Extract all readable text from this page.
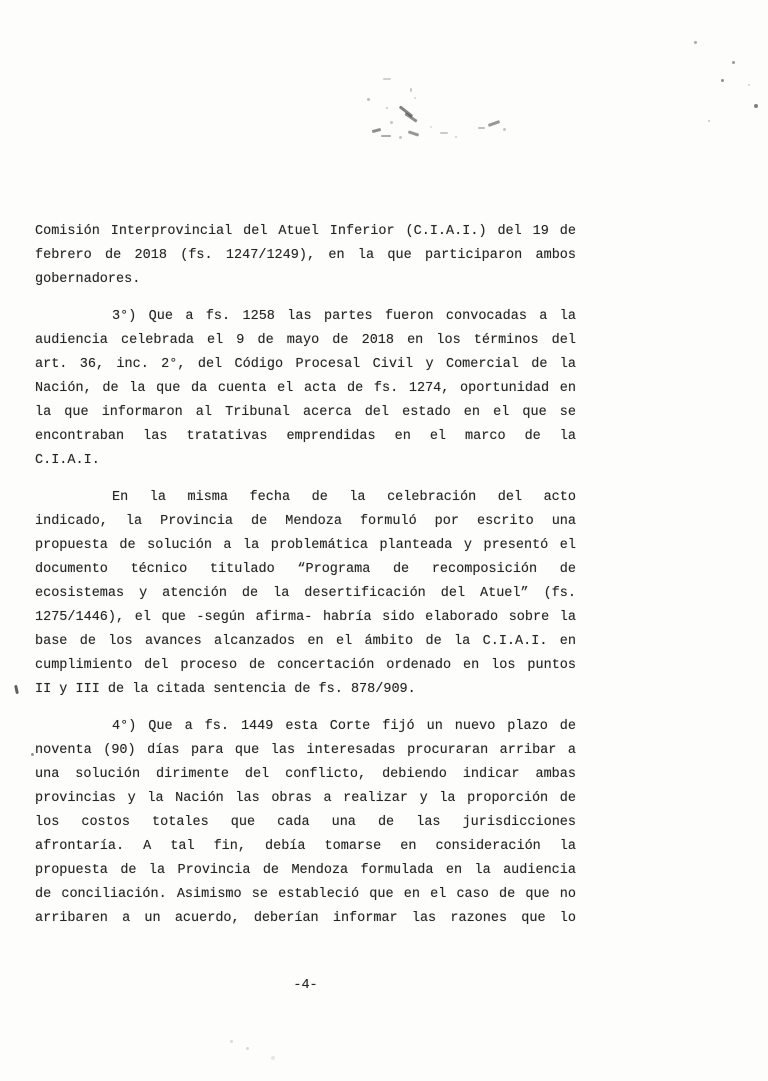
Comisión Interprovincial del Atuel Inferior (C.I.A.I.) del 19 de
febrero de 2018 (fs. 1247/1249), en la que participaron ambos
gobernadores.
3°) Que a fs. 1258 las partes fueron convocadas a la
audiencia celebrada el 9 de mayo de 2018 en los términos del
art. 36, inc. 2°, del Código Procesal Civil y Comercial de la
Nación, de la que da cuenta el acta de fs. 1274, oportunidad en
la que informaron al Tribunal acerca del estado en el que se
encontraban las tratativas emprendidas en el marco de la
C.I.A.I.
En la misma fecha de la celebración del acto
indicado, la Provincia de Mendoza formuló por escrito una
propuesta de solución a la problemática planteada y presentó el
documento técnico titulado “Programa de recomposición de
ecosistemas y atención de la desertificación del Atuel” (fs.
1275/1446), el que -según afirma- habría sido elaborado sobre la
base de los avances alcanzados en el ámbito de la C.I.A.I. en
cumplimiento del proceso de concertación ordenado en los puntos
II y III de la citada sentencia de fs. 878/909.
4°) Que a fs. 1449 esta Corte fijó un nuevo plazo de
noventa (90) días para que las interesadas procuraran arribar a
una solución dirimente del conflicto, debiendo indicar ambas
provincias y la Nación las obras a realizar y la proporción de
los costos totales que cada una de las jurisdicciones
afrontaría. A tal fin, debía tomarse en consideración la
propuesta de la Provincia de Mendoza formulada en la audiencia
de conciliación. Asimismo se estableció que en el caso de que no
arribaren a un acuerdo, deberían informar las razones que lo
-4-
